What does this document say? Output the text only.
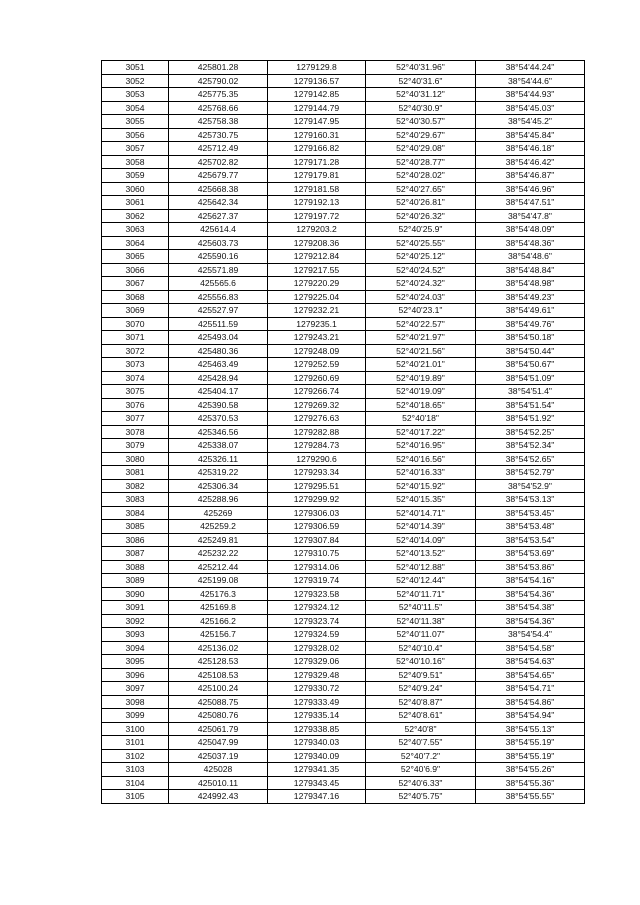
3051	425801.28	1279129.8	52°40'31.96"	38°54'44.24"
3052	425790.02	1279136.57	52°40'31.6"	38°54'44.6"
3053	425775.35	1279142.85	52°40'31.12"	38°54'44.93"
3054	425768.66	1279144.79	52°40'30.9"	38°54'45.03"
3055	425758.38	1279147.95	52°40'30.57"	38°54'45.2"
3056	425730.75	1279160.31	52°40'29.67"	38°54'45.84"
3057	425712.49	1279166.82	52°40'29.08"	38°54'46.18"
3058	425702.82	1279171.28	52°40'28.77"	38°54'46.42"
3059	425679.77	1279179.81	52°40'28.02"	38°54'46.87"
3060	425668.38	1279181.58	52°40'27.65"	38°54'46.96"
3061	425642.34	1279192.13	52°40'26.81"	38°54'47.51"
3062	425627.37	1279197.72	52°40'26.32"	38°54'47.8"
3063	425614.4	1279203.2	52°40'25.9"	38°54'48.09"
3064	425603.73	1279208.36	52°40'25.55"	38°54'48.36"
3065	425590.16	1279212.84	52°40'25.12"	38°54'48.6"
3066	425571.89	1279217.55	52°40'24.52"	38°54'48.84"
3067	425565.6	1279220.29	52°40'24.32"	38°54'48.98"
3068	425556.83	1279225.04	52°40'24.03"	38°54'49.23"
3069	425527.97	1279232.21	52°40'23.1"	38°54'49.61"
3070	425511.59	1279235.1	52°40'22.57"	38°54'49.76"
3071	425493.04	1279243.21	52°40'21.97"	38°54'50.18"
3072	425480.36	1279248.09	52°40'21.56"	38°54'50.44"
3073	425463.49	1279252.59	52°40'21.01"	38°54'50.67"
3074	425428.94	1279260.69	52°40'19.89"	38°54'51.09"
3075	425404.17	1279266.74	52°40'19.09"	38°54'51.4"
3076	425390.58	1279269.32	52°40'18.65"	38°54'51.54"
3077	425370.53	1279276.63	52°40'18"	38°54'51.92"
3078	425346.56	1279282.88	52°40'17.22"	38°54'52.25"
3079	425338.07	1279284.73	52°40'16.95"	38°54'52.34"
3080	425326.11	1279290.6	52°40'16.56"	38°54'52.65"
3081	425319.22	1279293.34	52°40'16.33"	38°54'52.79"
3082	425306.34	1279295.51	52°40'15.92"	38°54'52.9"
3083	425288.96	1279299.92	52°40'15.35"	38°54'53.13"
3084	425269	1279306.03	52°40'14.71"	38°54'53.45"
3085	425259.2	1279306.59	52°40'14.39"	38°54'53.48"
3086	425249.81	1279307.84	52°40'14.09"	38°54'53.54"
3087	425232.22	1279310.75	52°40'13.52"	38°54'53.69"
3088	425212.44	1279314.06	52°40'12.88"	38°54'53.86"
3089	425199.08	1279319.74	52°40'12.44"	38°54'54.16"
3090	425176.3	1279323.58	52°40'11.71"	38°54'54.36"
3091	425169.8	1279324.12	52°40'11.5"	38°54'54.38"
3092	425166.2	1279323.74	52°40'11.38"	38°54'54.36"
3093	425156.7	1279324.59	52°40'11.07"	38°54'54.4"
3094	425136.02	1279328.02	52°40'10.4"	38°54'54.58"
3095	425128.53	1279329.06	52°40'10.16"	38°54'54.63"
3096	425108.53	1279329.48	52°40'9.51"	38°54'54.65"
3097	425100.24	1279330.72	52°40'9.24"	38°54'54.71"
3098	425088.75	1279333.49	52°40'8.87"	38°54'54.86"
3099	425080.76	1279335.14	52°40'8.61"	38°54'54.94"
3100	425061.79	1279338.85	52°40'8"	38°54'55.13"
3101	425047.99	1279340.03	52°40'7.55"	38°54'55.19"
3102	425037.19	1279340.09	52°40'7.2"	38°54'55.19"
3103	425028	1279341.35	52°40'6.9"	38°54'55.26"
3104	425010.11	1279343.45	52°40'6.33"	38°54'55.36"
3105	424992.43	1279347.16	52°40'5.75"	38°54'55.55"
